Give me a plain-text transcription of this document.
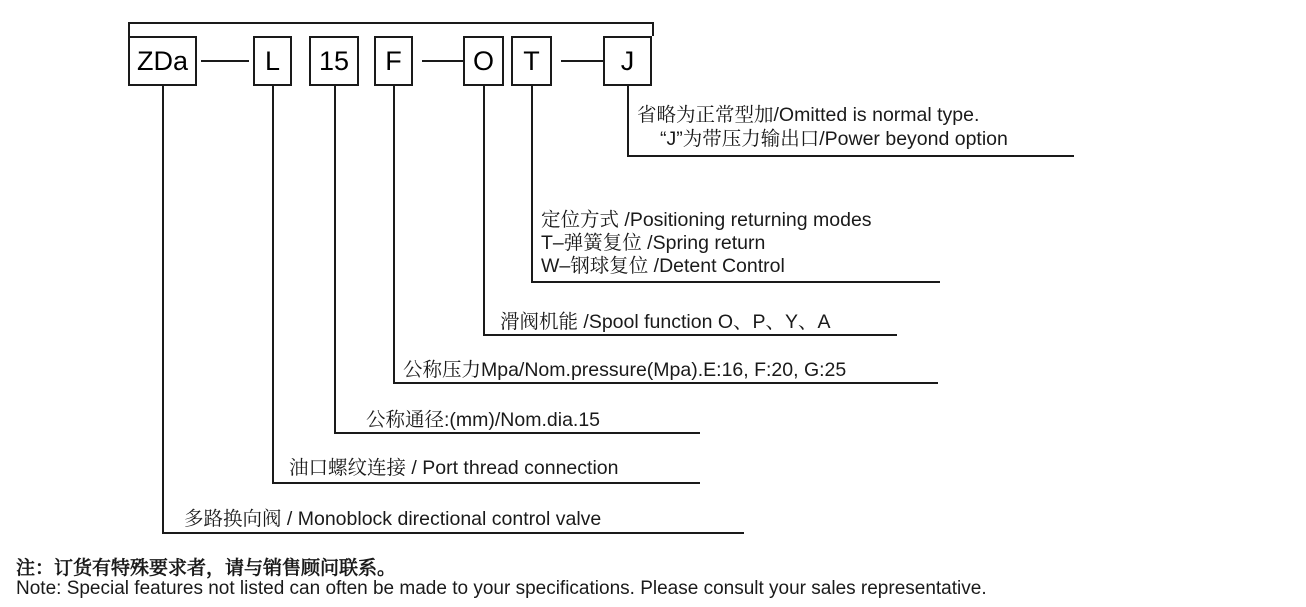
ZDa	L	15	F	O	T	J
省略为正常型加/Omitted is normal type.
“J”为带压力输出口/Power beyond option
定位方式 /Positioning returning modes
T–弹簧复位 /Spring return
W–钢球复位 /Detent Control
滑阀机能 /Spool function O、P、Y、A
公称压力Mpa/Nom.pressure(Mpa).E:16, F:20, G:25
公称通径:(mm)/Nom.dia.15
油口螺纹连接 / Port thread connection
多路换向阀 / Monoblock directional control valve
注：订货有特殊要求者，请与销售顾问联系。
Note: Special features not listed can often be made to your specifications. Please consult your sales representative.
